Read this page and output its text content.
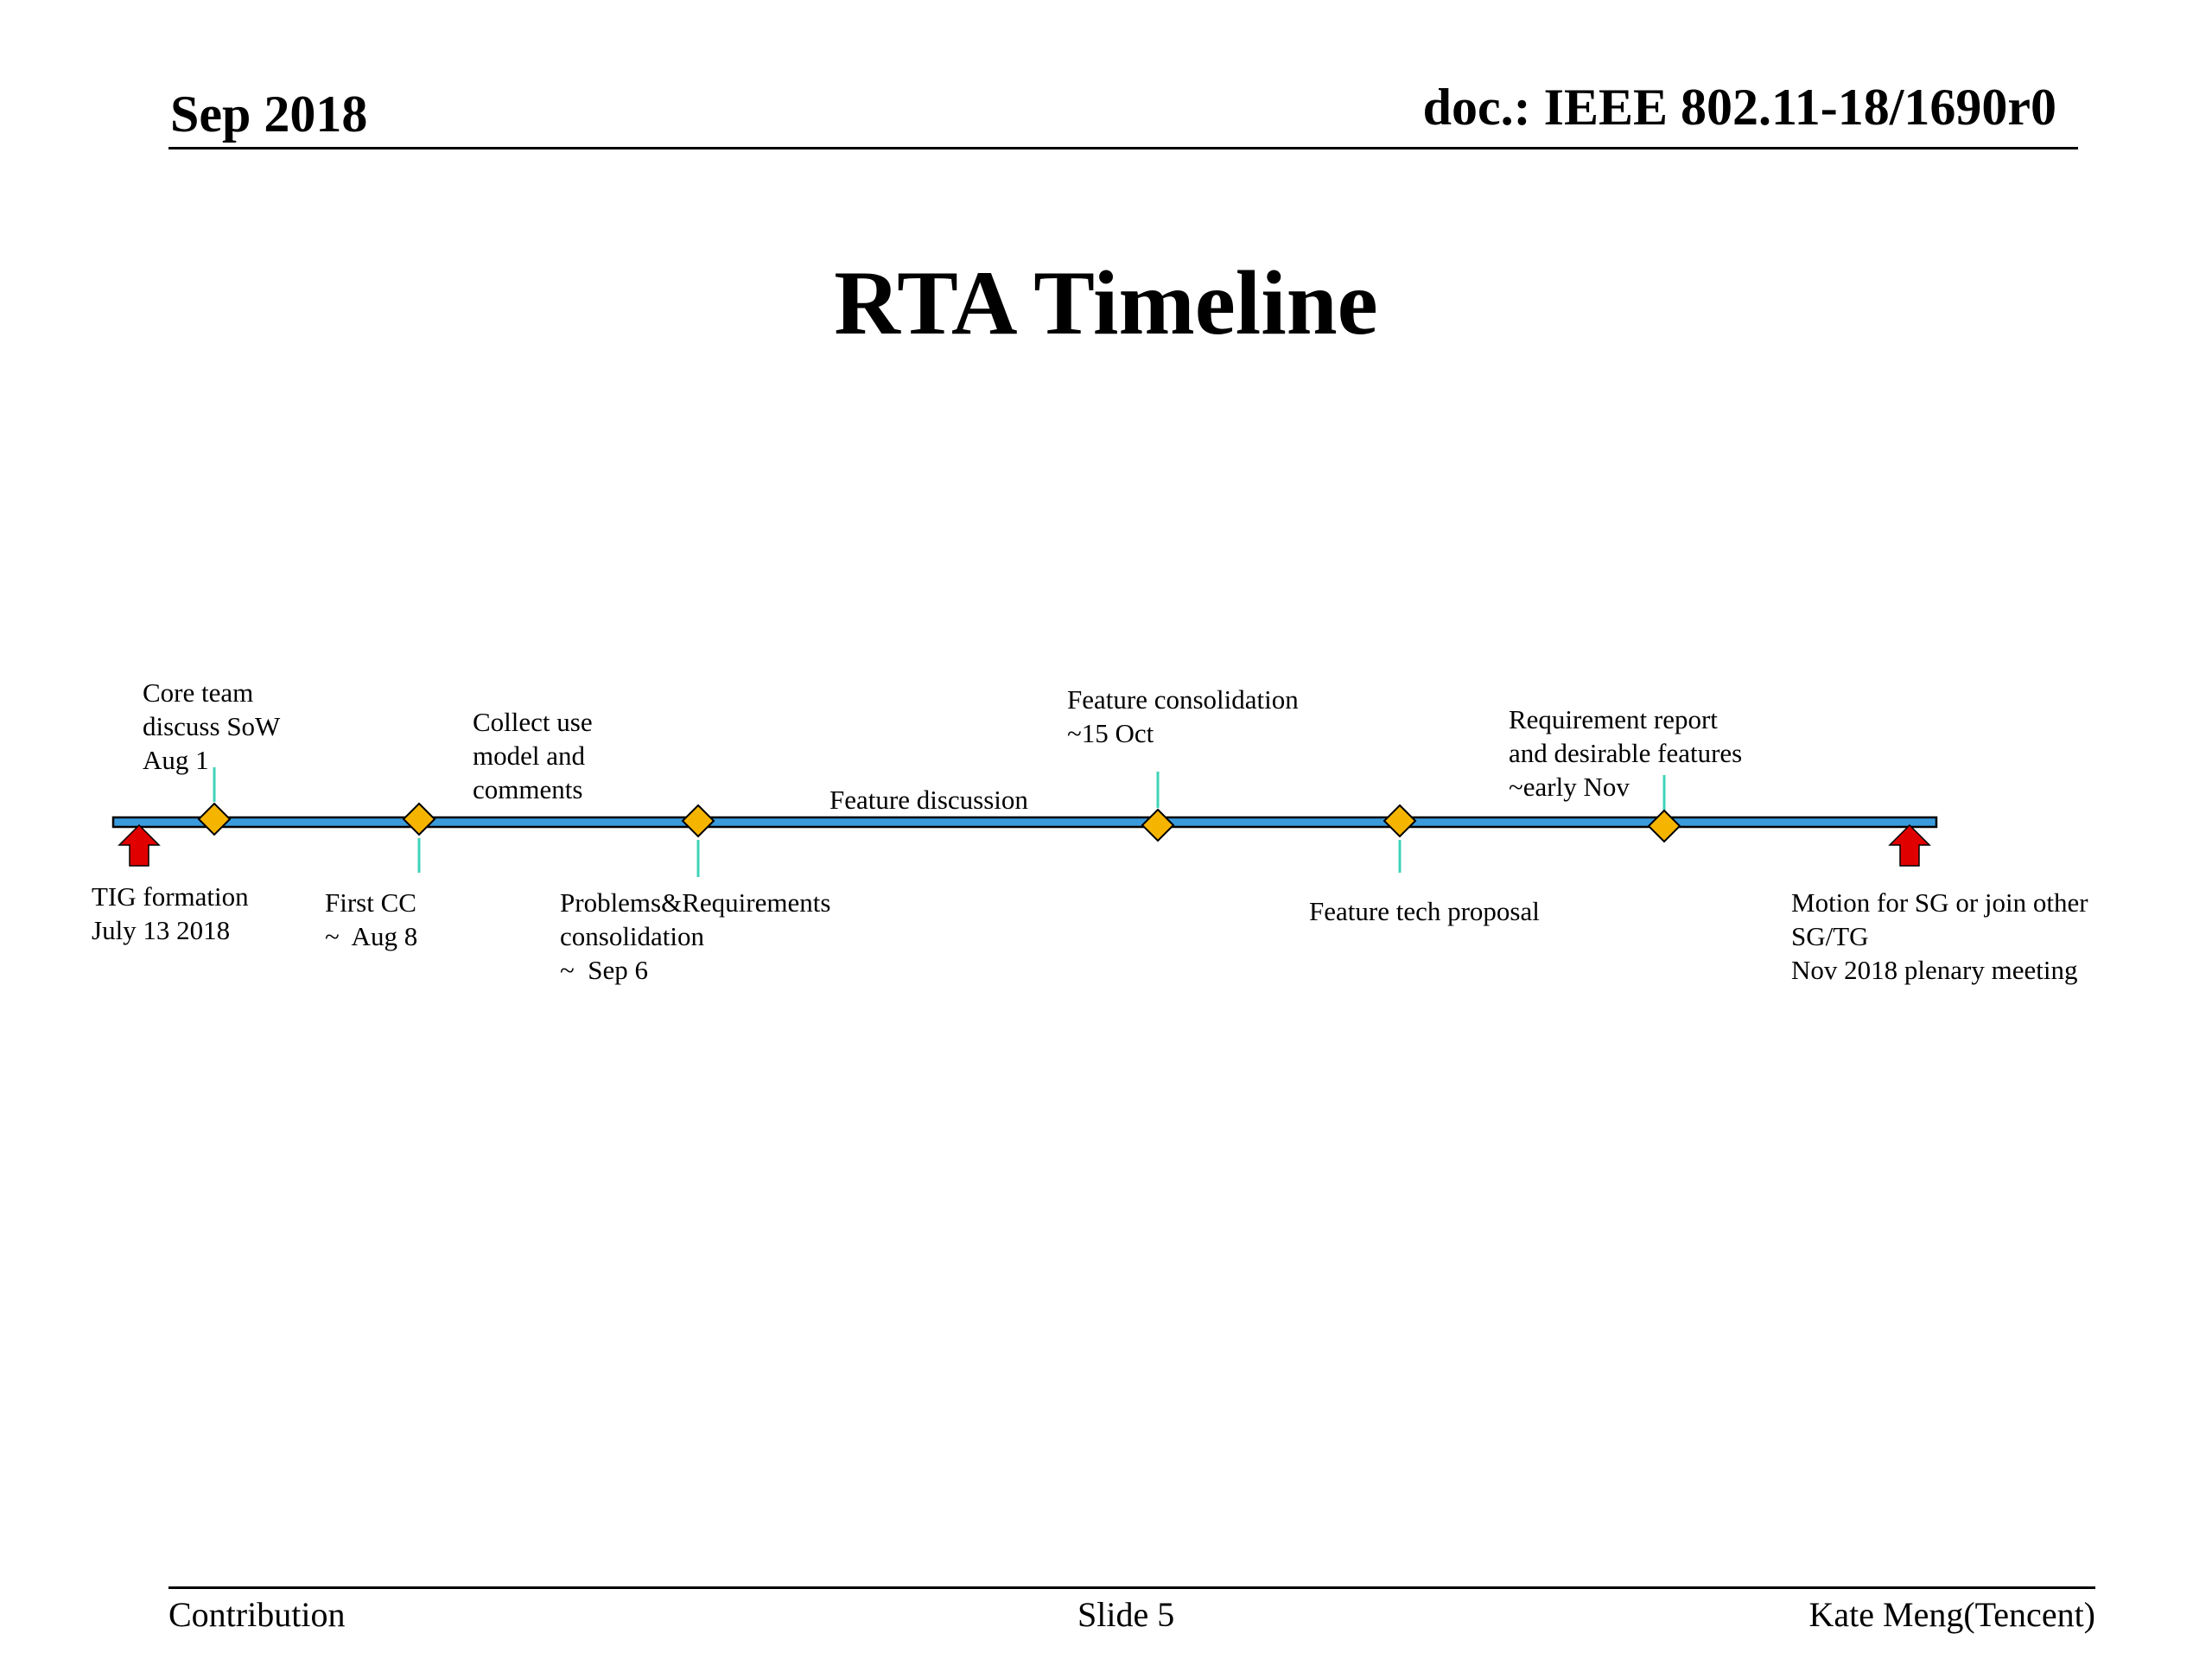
Sep 2018	doc.: IEEE 802.11-18/1690r0
RTA Timeline
TIG formation
July 13 2018
Core team
discuss SoW
Aug 1
First CC
~  Aug 8
Collect use
model and
comments
Problems&Requirements
consolidation
~  Sep 6
Feature discussion
Feature consolidation
~15 Oct
Feature tech proposal
Requirement report
and desirable features
~early Nov
Motion for SG or join other
SG/TG
Nov 2018 plenary meeting
Contribution	Slide 5	Kate Meng(Tencent)
